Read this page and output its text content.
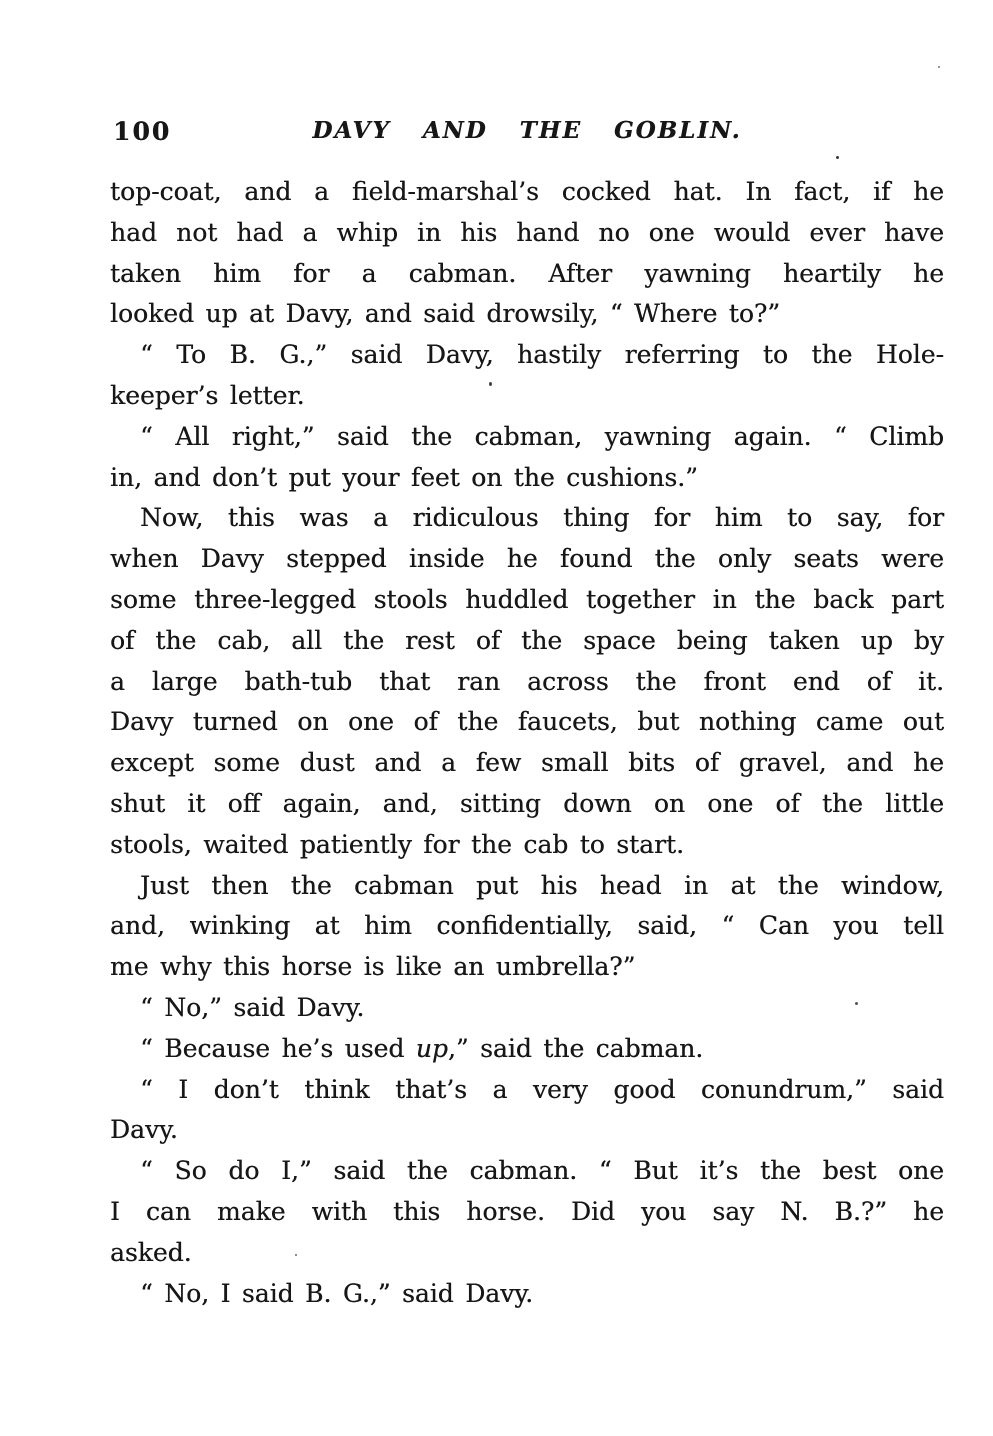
100	DAVY AND THE GOBLIN.
top-coat, and a field-marshal’s cocked hat. In fact, if he
had not had a whip in his hand no one would ever have
taken him for a cabman. After yawning heartily he
looked up at Davy, and said drowsily, “ Where to?”
“ To B. G.,” said Davy, hastily referring to the Hole-
keeper’s letter.
“ All right,” said the cabman, yawning again. “ Climb
in, and don’t put your feet on the cushions.”
Now, this was a ridiculous thing for him to say, for
when Davy stepped inside he found the only seats were
some three-legged stools huddled together in the back part
of the cab, all the rest of the space being taken up by
a large bath-tub that ran across the front end of it.
Davy turned on one of the faucets, but nothing came out
except some dust and a few small bits of gravel, and he
shut it off again, and, sitting down on one of the little
stools, waited patiently for the cab to start.
Just then the cabman put his head in at the window,
and, winking at him confidentially, said, “ Can you tell
me why this horse is like an umbrella?”
“ No,” said Davy.
“ Because he’s used up,” said the cabman.
“ I don’t think that’s a very good conundrum,” said
Davy.
“ So do I,” said the cabman. “ But it’s the best one
I can make with this horse. Did you say N. B.?” he
asked.
“ No, I said B. G.,” said Davy.
